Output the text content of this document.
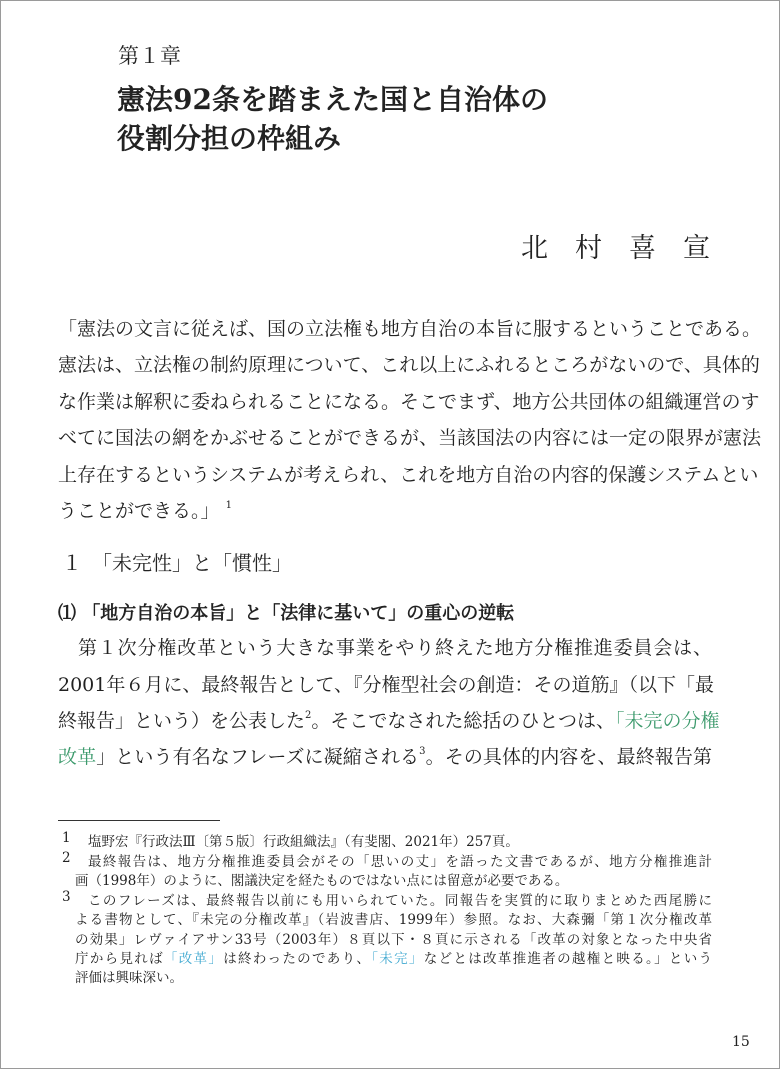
第１章
憲法92条を踏まえた国と自治体の
役割分担の枠組み
北　村　喜　宣
「憲法の文言に従えば、国の立法権も地方自治の本旨に服するということである。
憲法は、立法権の制約原理について、これ以上にふれるところがないので、具体的
な作業は解釈に委ねられることになる。そこでまず、地方公共団体の組織運営のす
べてに国法の網をかぶせることができるが、当該国法の内容には一定の限界が憲法
上存在するというシステムが考えられ、これを地方自治の内容的保護システムとい
うことができる。」 $^1$
１　「未完性」と「慣性」
⑴ 「地方自治の本旨」と「法律に基いて」の重心の逆転
第１次分権改革という大きな事業をやり終えた地方分権推進委員会は、
2001年６月に、最終報告として、『分権型社会の創造：その道筋』（以下「最
終報告」という）を公表した$^2$。そこでなされた総括のひとつは、「未完の分権
改革」という有名なフレーズに凝縮される$^3$。その具体的内容を、最終報告第
1 塩野宏『行政法Ⅲ〔第５版〕行政組織法』（有斐閣、2021年）257頁。
2 最終報告は、地方分権推進委員会がその「思いの丈」を語った文書であるが、地方分権推進計
画（1998年）のように、閣議決定を経たものではない点には留意が必要である。
3 このフレーズは、最終報告以前にも用いられていた。同報告を実質的に取りまとめた西尾勝に
よる書物として、『未完の分権改革』（岩波書店、1999年）参照。なお、大森彌「第１次分権改革
の効果」レヴァイアサン33号（2003年）８頁以下・８頁に示される「改革の対象となった中央省
庁から見れば「改革」は終わったのであり、「未完」などとは改革推進者の越権と映る。」という
評価は興味深い。
15
